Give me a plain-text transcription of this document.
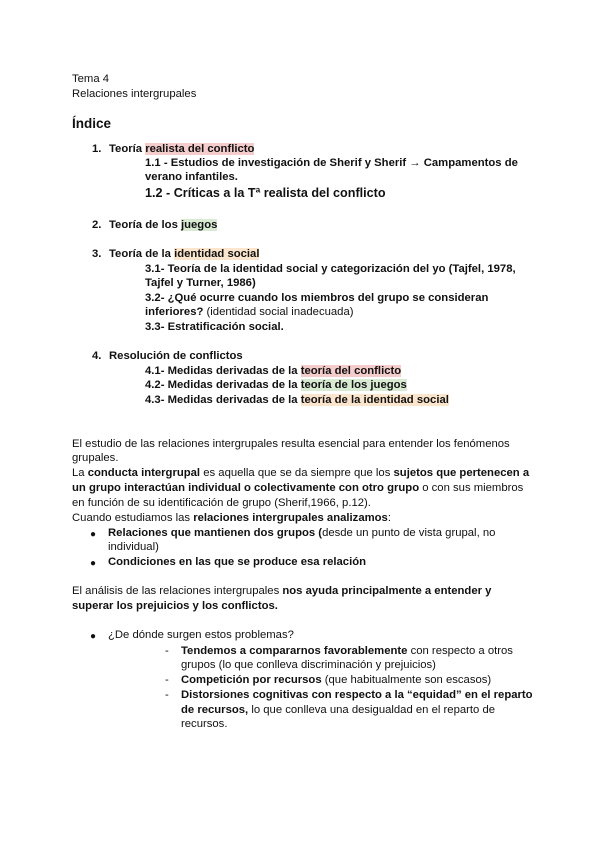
Tema 4
Relaciones intergrupales
Índice
1. Teoría realista del conflicto
1.1 - Estudios de investigación de Sherif y Sherif → Campamentos de
verano infantiles.
1.2 - Críticas a la Tª realista del conflicto
2. Teoría de los juegos
3. Teoría de la identidad social
3.1- Teoría de la identidad social y categorización del yo (Tajfel, 1978,
Tajfel y Turner, 1986)
3.2- ¿Qué ocurre cuando los miembros del grupo se consideran
inferiores? (identidad social inadecuada)
3.3- Estratificación social.
4. Resolución de conflictos
4.1- Medidas derivadas de la teoría del conflicto
4.2- Medidas derivadas de la teoría de los juegos
4.3- Medidas derivadas de la teoría de la identidad social
El estudio de las relaciones intergrupales resulta esencial para entender los fenómenos
grupales.
La conducta intergrupal es aquella que se da siempre que los sujetos que pertenecen a
un grupo interactúan individual o colectivamente con otro grupo o con sus miembros
en función de su identificación de grupo (Sherif,1966, p.12).
Cuando estudiamos las relaciones intergrupales analizamos:
● Relaciones que mantienen dos grupos (desde un punto de vista grupal, no
individual)
● Condiciones en las que se produce esa relación
El análisis de las relaciones intergrupales nos ayuda principalmente a entender y
superar los prejuicios y los conflictos.
● ¿De dónde surgen estos problemas?
- Tendemos a compararnos favorablemente con respecto a otros
grupos (lo que conlleva discriminación y prejuicios)
- Competición por recursos (que habitualmente son escasos)
- Distorsiones cognitivas con respecto a la “equidad” en el reparto
de recursos, lo que conlleva una desigualdad en el reparto de
recursos.
